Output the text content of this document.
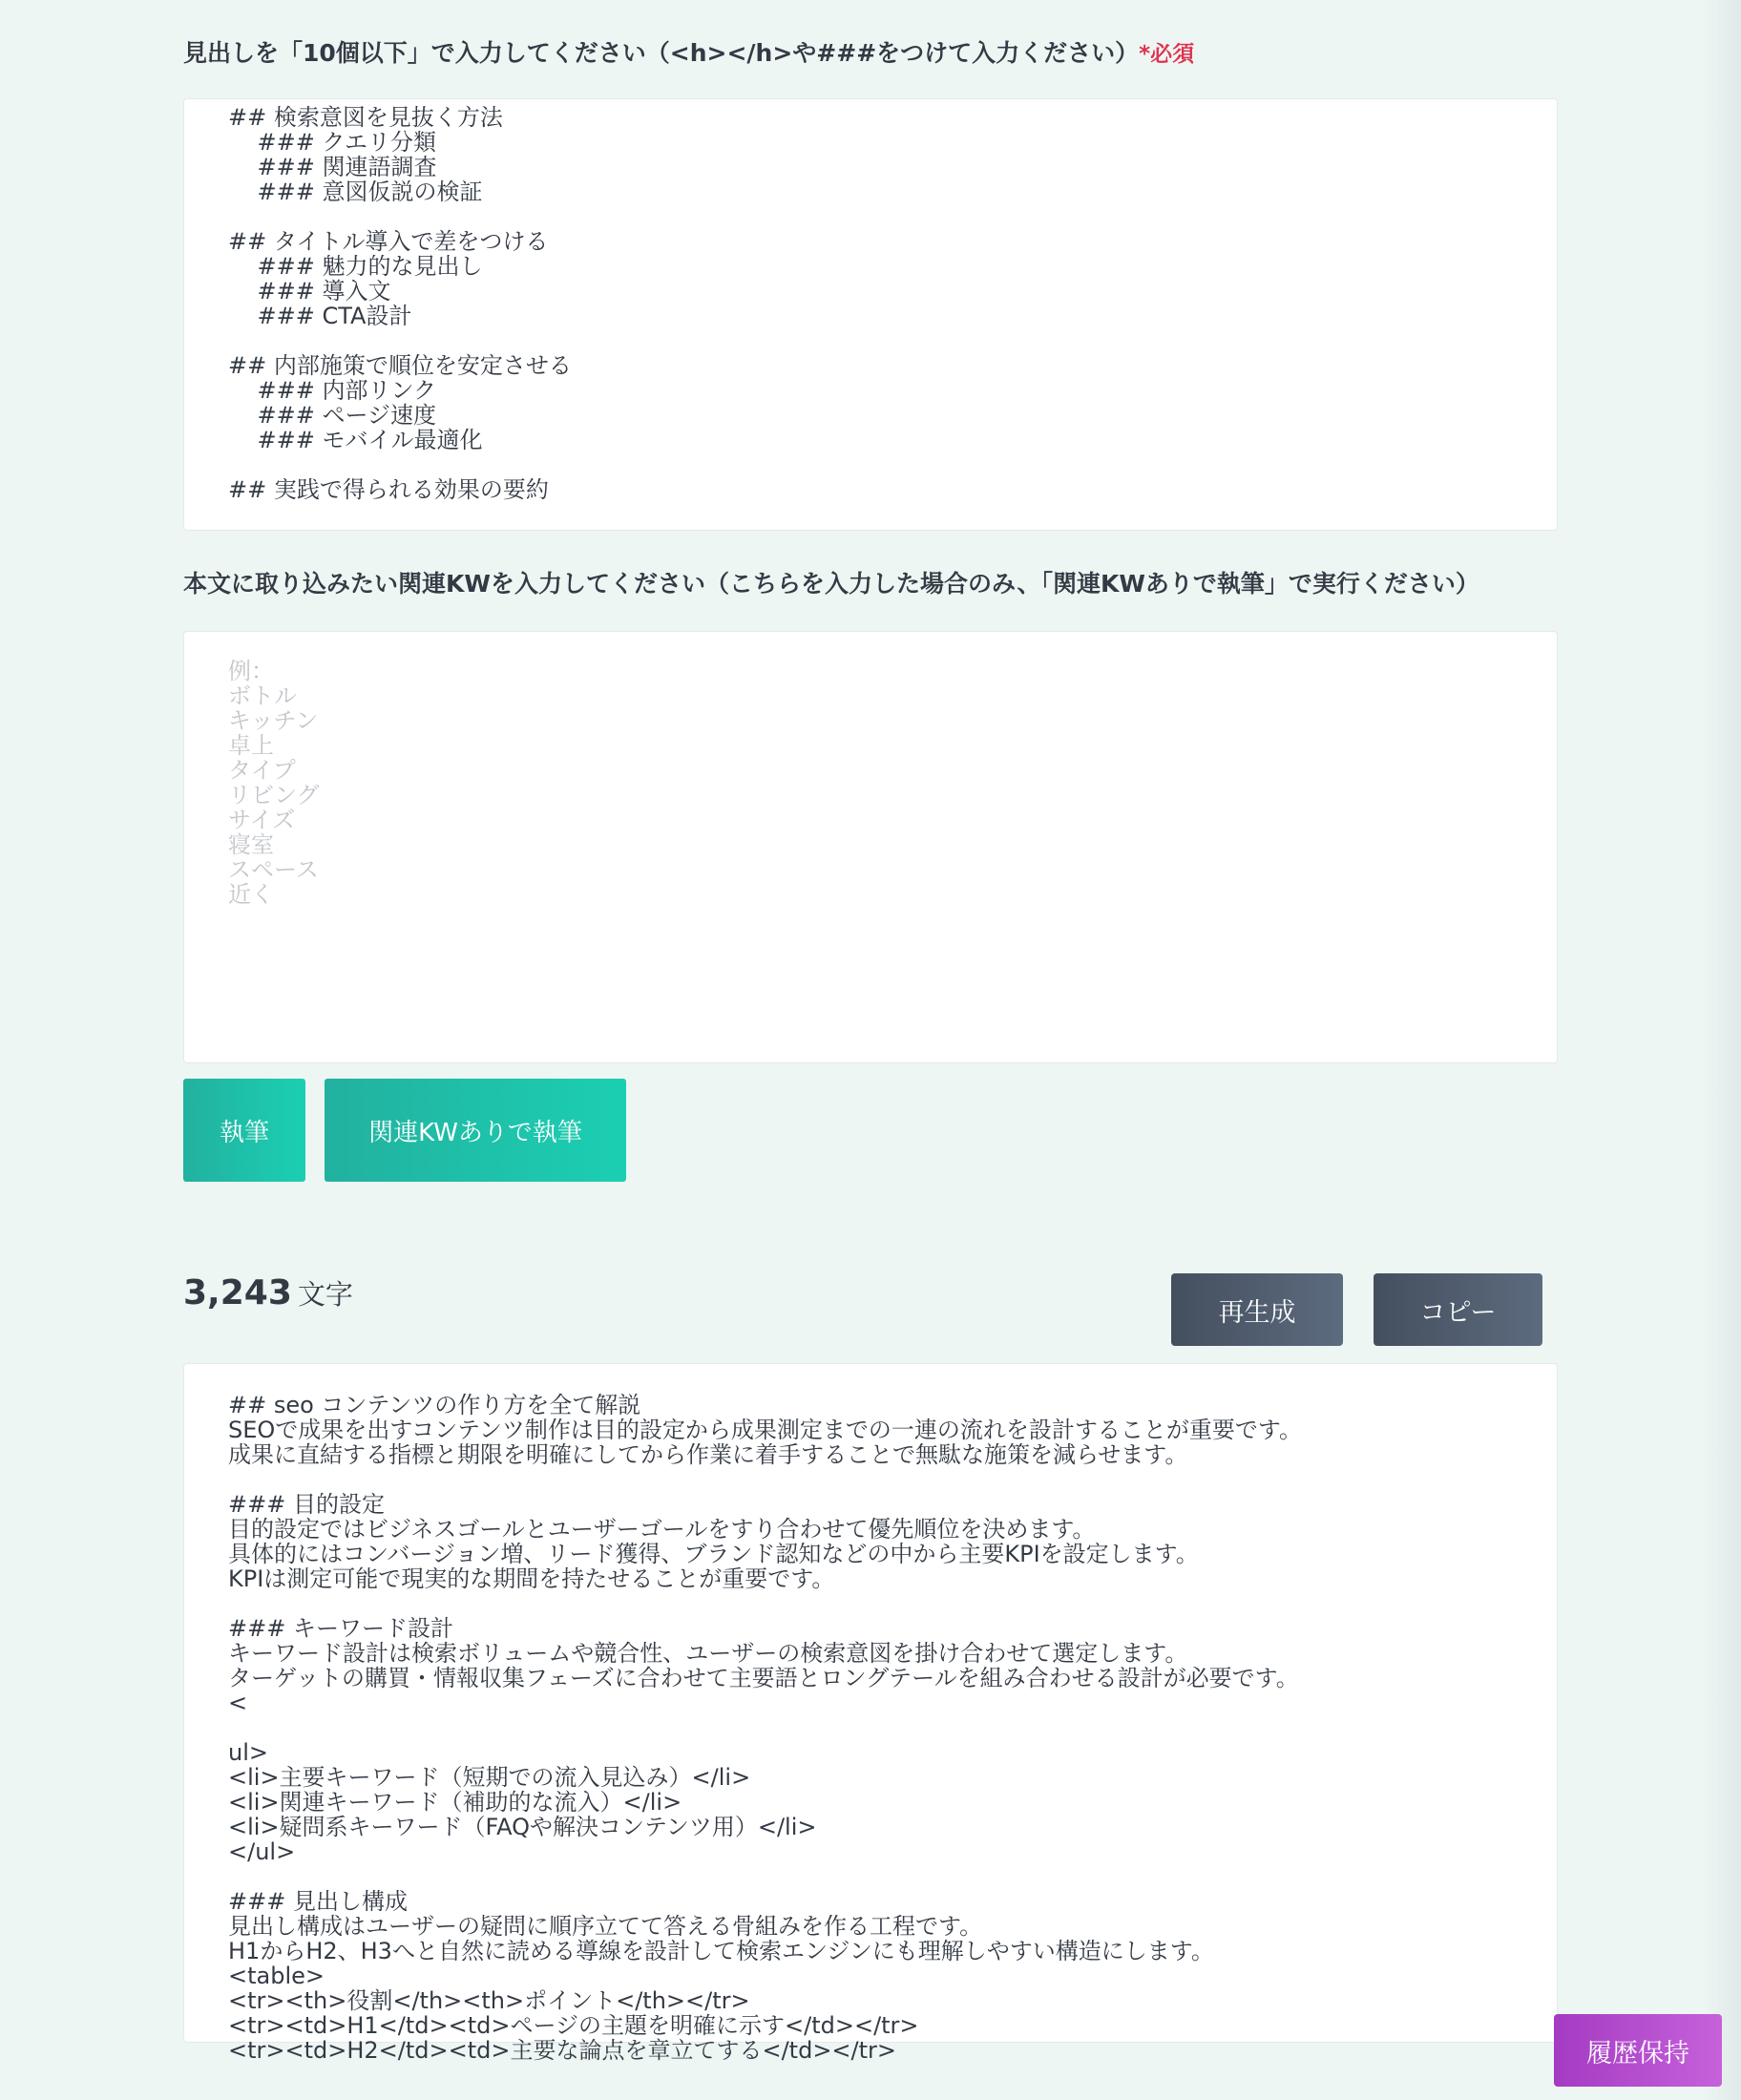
見出しを「10個以下」で入力してください（<h></h>や###をつけて入力ください）*必須
## 検索意図を見抜く方法
### クエリ分類
### 関連語調査
### 意図仮説の検証

## タイトル導入で差をつける
### 魅力的な見出し
### 導入文
### CTA設計

## 内部施策で順位を安定させる
### 内部リンク
### ページ速度
### モバイル最適化

## 実践で得られる効果の要約
本文に取り込みたい関連KWを入力してください（こちらを入力した場合のみ、「関連KWありで執筆」で実行ください）
例：
ボトル
キッチン
卓上
タイプ
リビング
サイズ
寝室
スペース
近く
執筆	関連KWありで執筆
3,243 文字
再生成	コピー
## seo コンテンツの作り方を全て解説
SEOで成果を出すコンテンツ制作は目的設定から成果測定までの一連の流れを設計することが重要です。
成果に直結する指標と期限を明確にしてから作業に着手することで無駄な施策を減らせます。

### 目的設定
目的設定ではビジネスゴールとユーザーゴールをすり合わせて優先順位を決めます。
具体的にはコンバージョン増、リード獲得、ブランド認知などの中から主要KPIを設定します。
KPIは測定可能で現実的な期間を持たせることが重要です。

### キーワード設計
キーワード設計は検索ボリュームや競合性、ユーザーの検索意図を掛け合わせて選定します。
ターゲットの購買・情報収集フェーズに合わせて主要語とロングテールを組み合わせる設計が必要です。
<

ul>
<li>主要キーワード（短期での流入見込み）</li>
<li>関連キーワード（補助的な流入）</li>
<li>疑問系キーワード（FAQや解決コンテンツ用）</li>
</ul>

### 見出し構成
見出し構成はユーザーの疑問に順序立てて答える骨組みを作る工程です。
H1からH2、H3へと自然に読める導線を設計して検索エンジンにも理解しやすい構造にします。
<table>
<tr><th>役割</th><th>ポイント</th></tr>
<tr><td>H1</td><td>ページの主題を明確に示す</td></tr>
<tr><td>H2</td><td>主要な論点を章立てする</td></tr>	履歴保持
